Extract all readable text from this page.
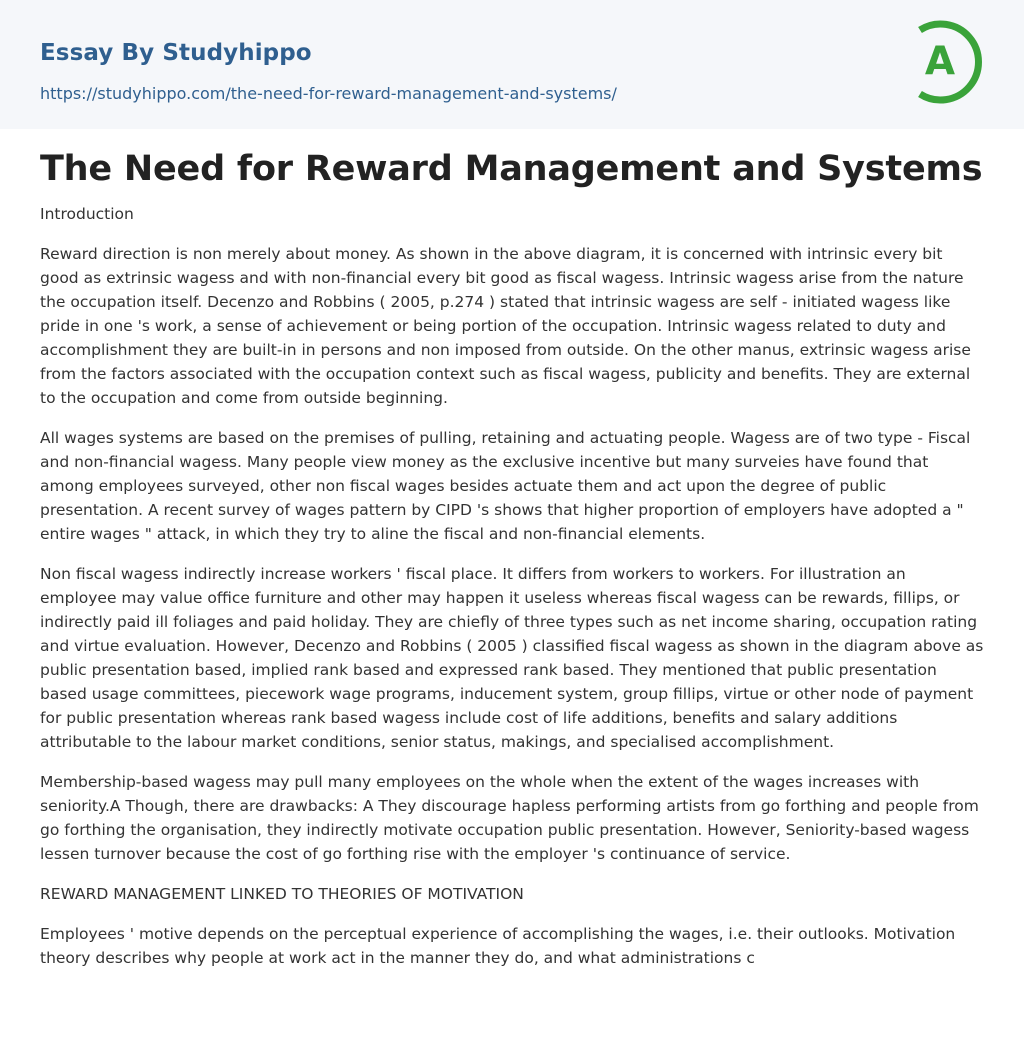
Essay By Studyhippo
https://studyhippo.com/the-need-for-reward-management-and-systems/
A
The Need for Reward Management and Systems

Introduction

Reward direction is non merely about money. As shown in the above diagram, it is concerned with intrinsic every bit good as extrinsic wagess and with non-financial every bit good as fiscal wagess. Intrinsic wagess arise from the nature the occupation itself. Decenzo and Robbins ( 2005, p.274 ) stated that intrinsic wagess are self - initiated wagess like pride in one 's work, a sense of achievement or being portion of the occupation. Intrinsic wagess related to duty and accomplishment they are built-in in persons and non imposed from outside. On the other manus, extrinsic wagess arise from the factors associated with the occupation context such as fiscal wagess, publicity and benefits. They are external to the occupation and come from outside beginning.

All wages systems are based on the premises of pulling, retaining and actuating people. Wagess are of two type - Fiscal and non-financial wagess. Many people view money as the exclusive incentive but many surveies have found that among employees surveyed, other non fiscal wages besides actuate them and act upon the degree of public presentation. A recent survey of wages pattern by CIPD 's shows that higher proportion of employers have adopted a " entire wages " attack, in which they try to aline the fiscal and non-financial elements.

Non fiscal wagess indirectly increase workers ' fiscal place. It differs from workers to workers. For illustration an employee may value office furniture and other may happen it useless whereas fiscal wagess can be rewards, fillips, or indirectly paid ill foliages and paid holiday. They are chiefly of three types such as net income sharing, occupation rating and virtue evaluation. However, Decenzo and Robbins ( 2005 ) classified fiscal wagess as shown in the diagram above as public presentation based, implied rank based and expressed rank based. They mentioned that public presentation based usage committees, piecework wage programs, inducement system, group fillips, virtue or other node of payment for public presentation whereas rank based wagess include cost of life additions, benefits and salary additions attributable to the labour market conditions, senior status, makings, and specialised accomplishment.

Membership-based wagess may pull many employees on the whole when the extent of the wages increases with seniority.A Though, there are drawbacks: A They discourage hapless performing artists from go forthing and people from go forthing the organisation, they indirectly motivate occupation public presentation. However, Seniority-based wagess lessen turnover because the cost of go forthing rise with the employer 's continuance of service.

REWARD MANAGEMENT LINKED TO THEORIES OF MOTIVATION

Employees ' motive depends on the perceptual experience of accomplishing the wages, i.e. their outlooks. Motivation theory describes why people at work act in the manner they do, and what administrations c
